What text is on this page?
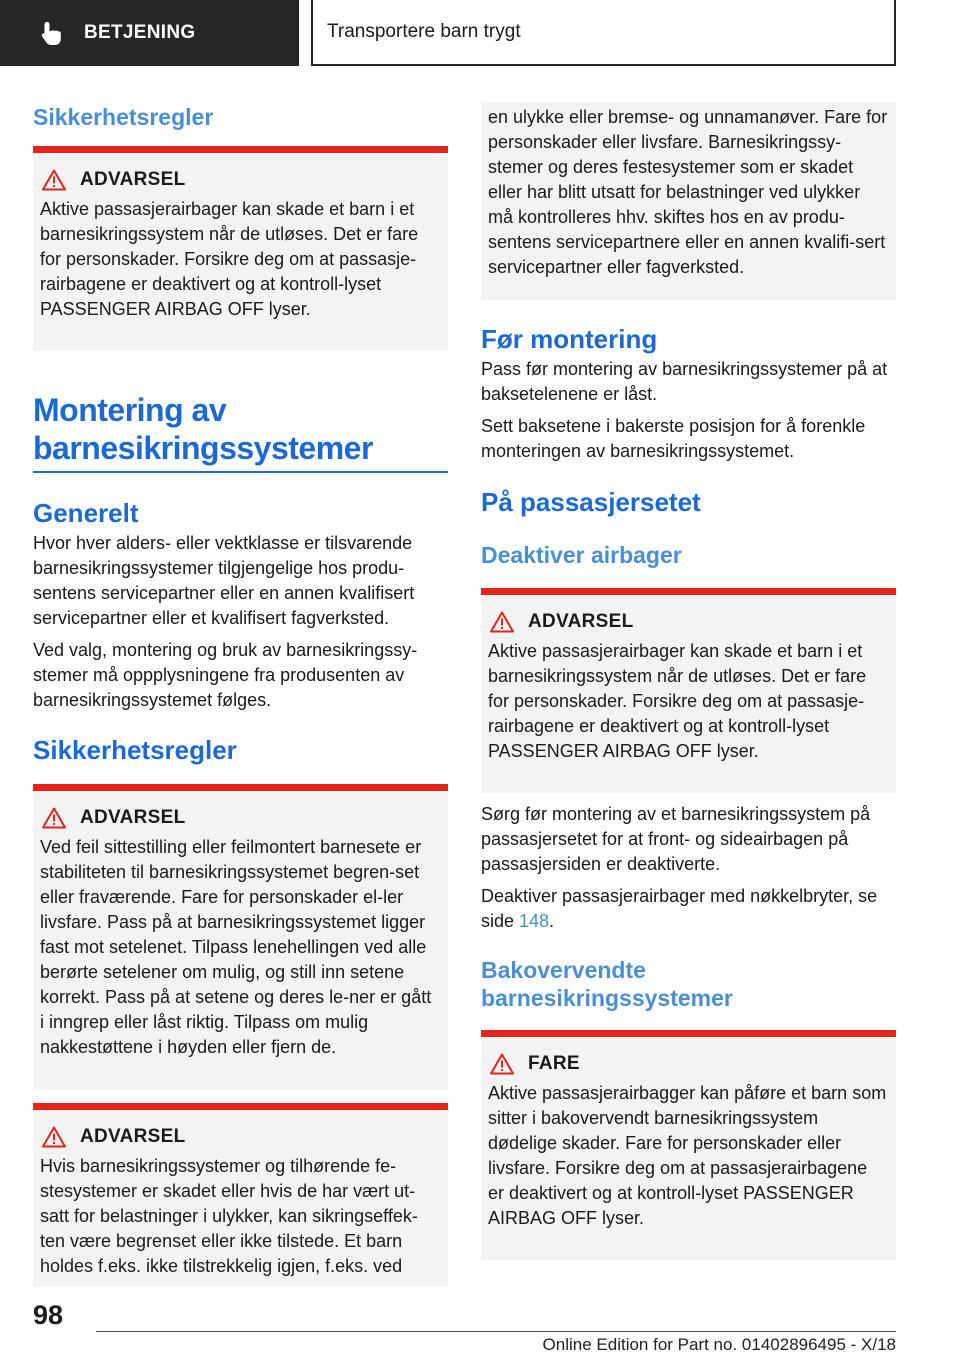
BETJENING	Transportere barn trygt
Sikkerhetsregler
ADVARSEL

Aktive passasjerairbager kan skade et barn i et barnesikringssystem når de utløses. Det er fare for personskader. Forsikre deg om at passasje-rairbagene er deaktivert og at kontroll-lyset PASSENGER AIRBAG OFF lyser.

Montering av barnesikringssystemer
Generelt

Hvor hver alders- eller vektklasse er tilsvarende barnesikringssystemer tilgjengelige hos produ-sentens servicepartner eller en annen kvalifisert servicepartner eller et kvalifisert fagverksted.

Ved valg, montering og bruk av barnesikringssy-stemer må oppplysningene fra produsenten av barnesikringssystemet følges.

Sikkerhetsregler
ADVARSEL

Ved feil sittestilling eller feilmontert barnesete er stabiliteten til barnesikringssystemet begren-set eller fraværende. Fare for personskader el-ler livsfare. Pass på at barnesikringssystemet ligger fast mot setelenet. Tilpass lenehellingen ved alle berørte setelener om mulig, og still inn setene korrekt. Pass på at setene og deres le-ner er gått i inngrep eller låst riktig. Tilpass om mulig nakkestøttene i høyden eller fjern de.

ADVARSEL

Hvis barnesikringssystemer og tilhørende fe-stesystemer er skadet eller hvis de har vært ut-satt for belastninger i ulykker, kan sikringseffek-ten være begrenset eller ikke tilstede. Et barn holdes f.eks. ikke tilstrekkelig igjen, f.eks. ved

en ulykke eller bremse- og unnamanøver. Fare for personskader eller livsfare. Barnesikringssy-stemer og deres festesystemer som er skadet eller har blitt utsatt for belastninger ved ulykker må kontrolleres hhv. skiftes hos en av produ-sentens servicepartnere eller en annen kvalifi-sert servicepartner eller fagverksted.

Før montering

Pass før montering av barnesikringssystemer på at baksetelenene er låst.

Sett baksetene i bakerste posisjon for å forenkle monteringen av barnesikringssystemet.

På passasjersetet
Deaktiver airbager
ADVARSEL

Aktive passasjerairbager kan skade et barn i et barnesikringssystem når de utløses. Det er fare for personskader. Forsikre deg om at passasje-rairbagene er deaktivert og at kontroll-lyset PASSENGER AIRBAG OFF lyser.

Sørg før montering av et barnesikringssystem på passasjersetet for at front- og sideairbagen på passasjersiden er deaktiverte.

Deaktiver passasjerairbager med nøkkelbryter, se side 148.

Bakovervendte barnesikringssystemer
FARE

Aktive passasjerairbagger kan påføre et barn som sitter i bakovervendt barnesikringssystem dødelige skader. Fare for personskader eller livsfare. Forsikre deg om at passasjerairbagene er deaktivert og at kontroll-lyset PASSENGER AIRBAG OFF lyser.

98
Online Edition for Part no. 01402896495 - X/18
